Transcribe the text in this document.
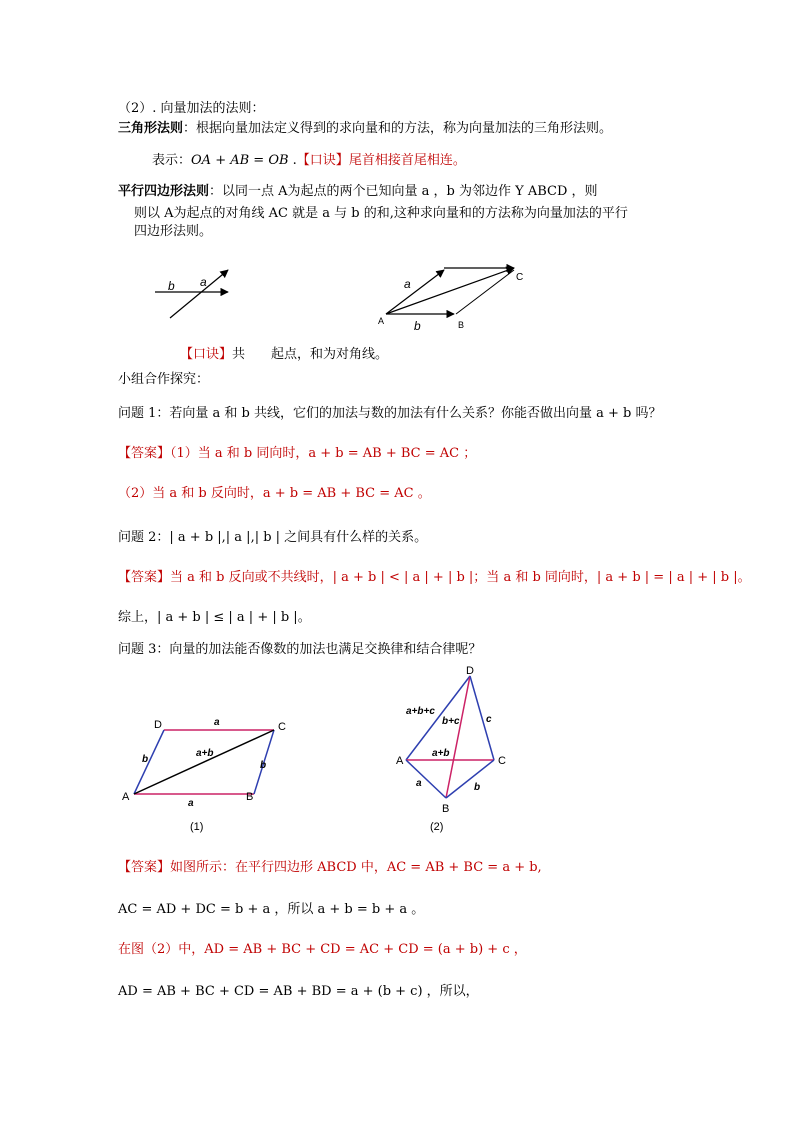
（2）. 向量加法的法则：
三角形法则：根据向量加法定义得到的求向量和的方法，称为向量加法的三角形法则。
表示：OA + AB = OB .【口诀】尾首相接首尾相连。
平行四边形法则：以同一点 A为起点的两个已知向量 a ，b 为邻边作 Y ABCD ，则
则以 A为起点的对角线 AC 就是 a 与 b 的和,这种求向量和的方法称为向量加法的平行
四边形法则。
b a	a
b
C
A	B
【口诀】共　　起点，和为对角线。
小组合作探究：
问题 1：若向量 a 和 b 共线，它们的加法与数的加法有什么关系？你能否做出向量 a + b 吗？
【答案】（1）当 a 和 b 同向时，a + b = AB + BC = AC ；
（2）当 a 和 b 反向时，a + b = AB + BC = AC 。
问题 2：| a + b |,| a |,| b | 之间具有什么样的关系。
【答案】当 a 和 b 反向或不共线时，| a + b | < | a | + | b |；当 a 和 b 同向时，| a + b | = | a | + | b |。
综上，| a + b | ≤ | a | + | b |。
问题 3：向量的加法能否像数的加法也满足交换律和结合律呢？
D	C
A	B
a
b
a+b
b
a
(1)
D
A	C
B
a+b+c
b+c	c
a+b
a	b
(2)
【答案】如图所示：在平行四边形 ABCD 中，AC = AB + BC = a + b,
AC = AD + DC = b + a ，所以 a + b = b + a 。
在图（2）中，AD = AB + BC + CD = AC + CD = (a + b) + c ，
AD = AB + BC + CD = AB + BD = a + (b + c) ，所以，
